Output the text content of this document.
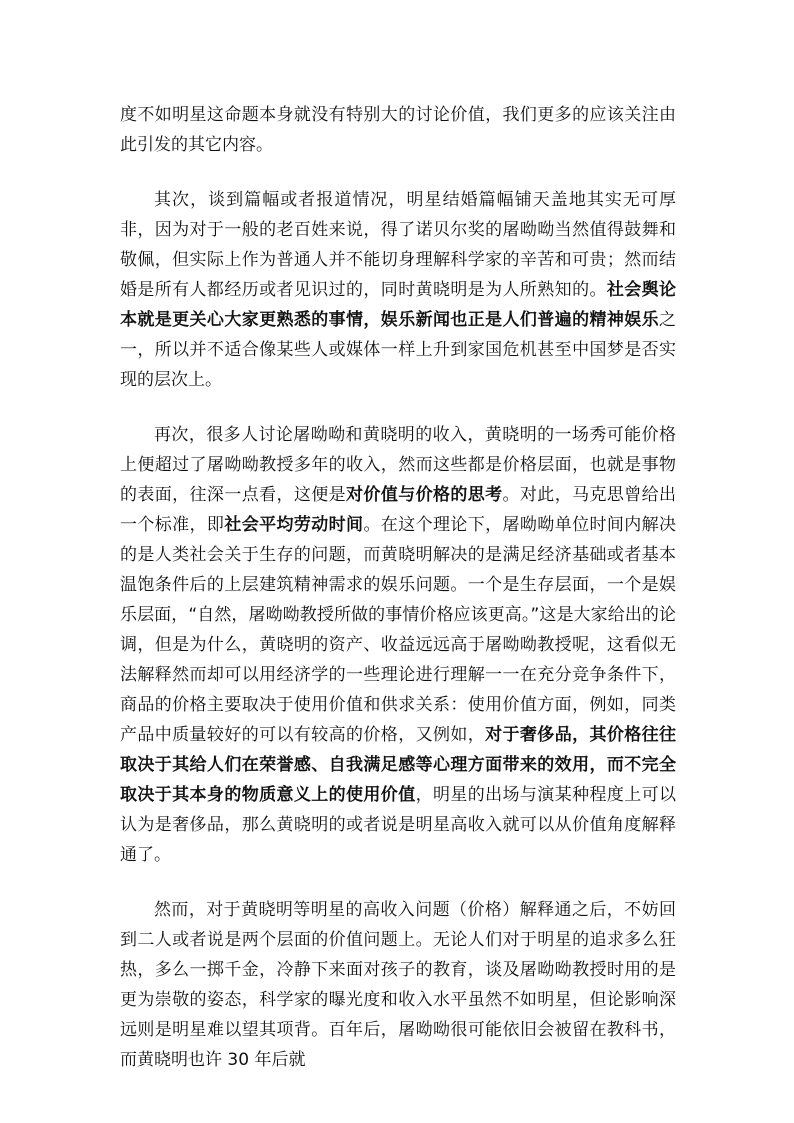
度不如明星这命题本身就没有特别大的讨论价值，我们更多的应该关注由此引发的其它内容。

其次，谈到篇幅或者报道情况，明星结婚篇幅铺天盖地其实无可厚非，因为对于一般的老百姓来说，得了诺贝尔奖的屠呦呦当然值得鼓舞和敬佩，但实际上作为普通人并不能切身理解科学家的辛苦和可贵；然而结婚是所有人都经历或者见识过的，同时黄晓明是为人所熟知的。社会舆论本就是更关心大家更熟悉的事情，娱乐新闻也正是人们普遍的精神娱乐之一，所以并不适合像某些人或媒体一样上升到家国危机甚至中国梦是否实现的层次上。

再次，很多人讨论屠呦呦和黄晓明的收入，黄晓明的一场秀可能价格上便超过了屠呦呦教授多年的收入，然而这些都是价格层面，也就是事物的表面，往深一点看，这便是对价值与价格的思考。对此，马克思曾给出一个标准，即社会平均劳动时间。在这个理论下，屠呦呦单位时间内解决的是人类社会关于生存的问题，而黄晓明解决的是满足经济基础或者基本温饱条件后的上层建筑精神需求的娱乐问题。一个是生存层面，一个是娱乐层面，“自然，屠呦呦教授所做的事情价格应该更高。”这是大家给出的论调，但是为什么，黄晓明的资产、收益远远高于屠呦呦教授呢，这看似无法解释然而却可以用经济学的一些理论进行理解一一在充分竞争条件下，商品的价格主要取决于使用价值和供求关系：使用价值方面，例如，同类产品中质量较好的可以有较高的价格，又例如，对于奢侈品，其价格往往取决于其给人们在荣誉感、自我满足感等心理方面带来的效用，而不完全取决于其本身的物质意义上的使用价值，明星的出场与演某种程度上可以认为是奢侈品，那么黄晓明的或者说是明星高收入就可以从价值角度解释通了。

然而，对于黄晓明等明星的高收入问题（价格）解释通之后，不妨回到二人或者说是两个层面的价值问题上。无论人们对于明星的追求多么狂热，多么一掷千金，冷静下来面对孩子的教育，谈及屠呦呦教授时用的是更为崇敬的姿态，科学家的曝光度和收入水平虽然不如明星，但论影响深远则是明星难以望其项背。百年后，屠呦呦很可能依旧会被留在教科书，而黄晓明也许 30 年后就
